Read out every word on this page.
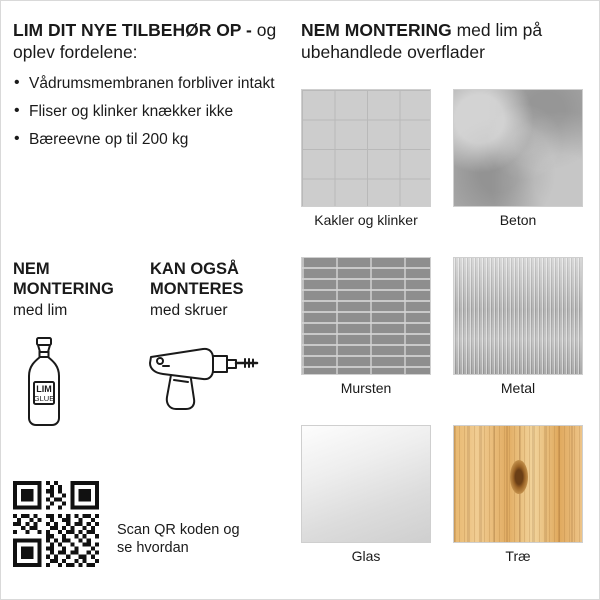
LIM DIT NYE TILBEHØR OP - og oplev fordelene:

• Vådrumsmembranen forbliver intakt
• Fliser og klinker knækker ikke
• Bæreevne op til 200 kg

NEM MONTERING

med lim

KAN OGSÅ MONTERES

med skruer

LIM
GLUE
Scan QR koden og se hvordan

NEM MONTERING med lim på ubehandlede overflader

Kakler og klinker	Beton
Mursten	Metal
Glas	Træ
